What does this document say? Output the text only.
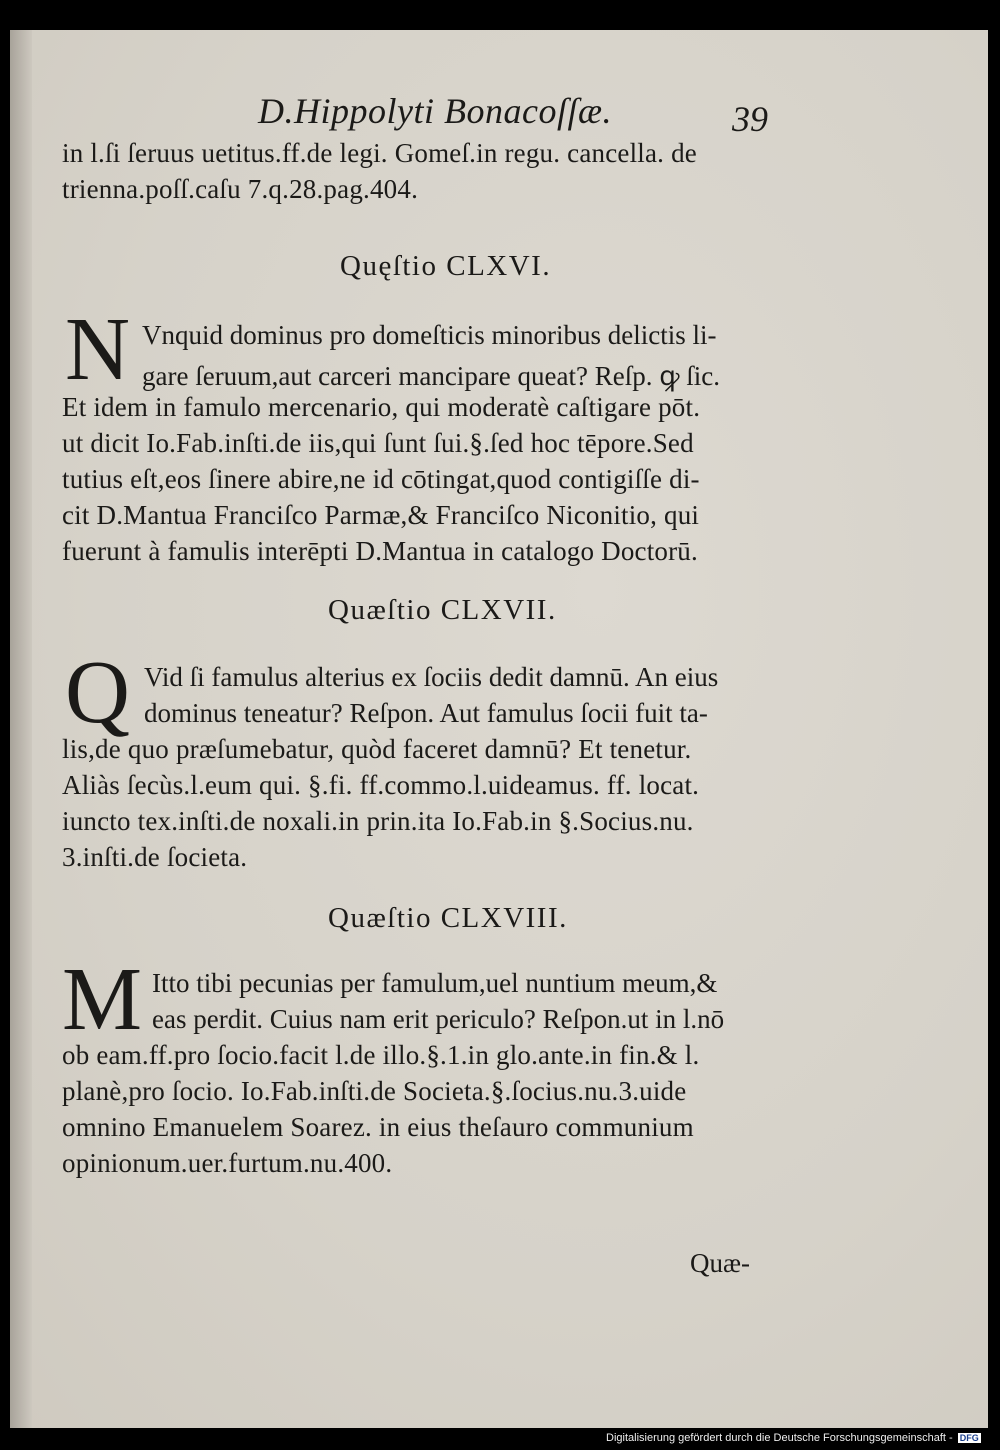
D.Hippolyti Bonacoſſæ.	39
in l.ſi ſeruus uetitus.ff.de legi. Gomeſ.in regu. cancella. de
trienna.poſſ.caſu 7.q.28.pag.404.
Quęſtio CLXVI.
N Vnquid dominus pro domeſticis minoribus delictis li-
gare ſeruum,aut carceri mancipare queat? Reſp. ꝙ ſic.
Et idem in famulo mercenario, qui moderatè caſtigare pōt.
ut dicit Io.Fab.inſti.de iis,qui ſunt ſui.§.ſed hoc tēpore.Sed
tutius eſt,eos ſinere abire,ne id cōtingat,quod contigiſſe di-
cit D.Mantua Franciſco Parmæ,& Franciſco Niconitio, qui
fuerunt à famulis interēpti D.Mantua in catalogo Doctorū.
Quæſtio CLXVII.
Q Vid ſi famulus alterius ex ſociis dedit damnū. An eius
dominus teneatur? Reſpon. Aut famulus ſocii fuit ta-
lis,de quo præſumebatur, quòd faceret damnū? Et tenetur.
Aliàs ſecùs.l.eum qui. §.fi. ff.commo.l.uideamus. ff. locat.
iuncto tex.inſti.de noxali.in prin.ita Io.Fab.in §.Socius.nu.
3.inſti.de ſocieta.
Quæſtio CLXVIII.
M Itto tibi pecunias per famulum,uel nuntium meum,&
eas perdit. Cuius nam erit periculo? Reſpon.ut in l.nō
ob eam.ff.pro ſocio.facit l.de illo.§.1.in glo.ante.in fin.& l.
planè,pro ſocio. Io.Fab.inſti.de Societa.§.ſocius.nu.3.uide
omnino Emanuelem Soarez. in eius theſauro communium
opinionum.uer.furtum.nu.400.
Quæ-
Digitalisierung gefördert durch die Deutsche Forschungsgemeinschaft - DFG
